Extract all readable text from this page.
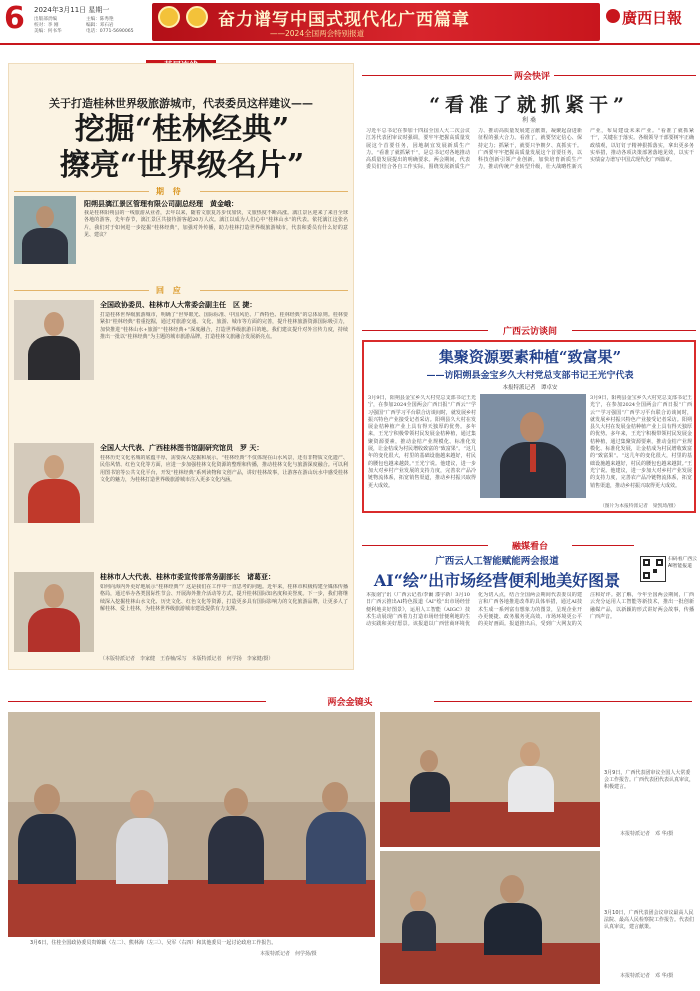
6	2024年3月11日 星期一
出版部责编
校对：李 刚
美编：何书华
主编：陈秀艳
编辑：邓石岩
电话：0771-5690065
奋力谱写中国式现代化广西篇章
——2024全国两会特别报道
廣西日報
关于打造桂林世界级旅游城市，代表委员这样建议——
挖掘“桂林经典”
擦亮“世界级名片”
期 待
阳朔县漓江景区管理有限公司副总经理　黄金峨：
我是桂林阳朔县的一线旅游从业者，去年以来，随着文旅复苏步伐加快，文旅热度不断高涨。漓江景区迎来了来自全球各地的游客，先年春节，漓江景区共接待游客超20万人次。漓江以成为人们心中“桂林山水”的代表。依托漓江这张名片，我们对于如何进一步挖掘“桂林经典”，加强对外传播，助力桂林打造世界级旅游城市，代表和委员有什么好的意见、建议？
回 应
全国政协委员、桂林市人大常委会副主任　区 捷：
打造桂林世界级旅游城市，明确了“世界眼光、国际标准、中国风范、广西特色、桂林经典”的总体原则。桂林要紧扣“桂林经典”着重挖掘，通过对旅游交通、文化、旅游、城市等方面的完善，提升桂林旅游资源国际吸引力，加快推进“桂林山水+旅游”“桂林经典+”深度融合，打造世界级旅游目的地。我们建议提升对外宣传力度，持续推出一批以“桂林经典”为主题的城市旅游品牌，打造桂林文旅融合发展新亮点。
全国人大代表、广西桂林图书馆副研究馆员　罗 天：
桂林历史文化名城的底蕴丰厚，需要深入挖掘和展示。“桂林经典”不仅体现在山水风景，还有非物质文化遗产、民俗风情、红色文化等方面，应进一步加强桂林文化资源的整理和传播，推动桂林文化与旅游深度融合。可以利用图书馆等公共文化平台，开发“桂林经典”系列读物和文创产品，讲好桂林故事，让游客在游山玩水中感受桂林文化的魅力，为桂林打造世界级旅游城市注入更多文化内涵。
桂林市人大代表、桂林市委宣传部常务副部长　诸葛亚：
如何向海内外更好地展示“桂林经典”？这是我们在工作中一直思考的问题。近年来，桂林市积极构建全媒体传播格局，通过举办各类国际性节会、开展海外推介活动等方式，提升桂林国际知名度和美誉度。下一步，我们将继续深入挖掘桂林山水文化、历史文化、红色文化等资源，打造更多具有国际影响力的文化旅游品牌，让更多人了解桂林、爱上桂林，为桂林世界级旅游城市建设提供有力支撑。
（本版特派记者　李家健　王春楠/采写　本版特派记者　何学扬　李家健/摄）
两会快评
“看准了就抓紧干”
利 桑
习近平总书记在参加十四届全国人大二次会议江苏代表团审议时强调，要牢牢把握高质量发展这个首要任务，因地制宜发展新质生产力。“看准了就抓紧干”，是总书记对各地推动高质量发展提出的明确要求。两会期间，代表委员们结合各自工作实际，围绕发展新质生产力、推动高质量发展建言献策，凝聚起奋进新征程的强大合力。看准了，就要坚定信心、保持定力；抓紧干，就要只争朝夕、真抓实干。广西要牢牢把握高质量发展这个首要任务，以科技创新引领产业创新，加快培育新质生产力，推动传统产业转型升级，壮大战略性新兴产业，布局建设未来产业。“看准了就抓紧干”，关键在于落实。各级领导干部要树牢正确政绩观，以钉钉子精神狠抓落实，拿出更多务实举措，推动各项决策部署落地见效，以实干实绩奋力谱写中国式现代化广西篇章。
广西云访谈间
集聚资源要素种植“致富果”
——访阳朔县金宝乡久大村党总支部书记王光宁代表
本报特派记者　谭卓安
3月9日，阳朔县金宝乡久大村党总支部书记王光宁，在参加2024全国两会广西日报“广西云”“学习强国”广西学习平台联合访谈间时，就发展乡村振兴特色产业接受记者采访。阳朔县久大村在发展金桔种植产业上具有得天独厚的优势。多年来，王光宁积极带领村民发展金桔种植，通过集聚资源要素，推动金桔产业规模化、标准化发展，让金桔成为村民增收致富的“致富果”。“这几年的变化很大，村里的基础设施越来越好，村民的腰包也越来越鼓。”王光宁说。他建议，进一步加大对乡村产业发展的支持力度，完善农产品冷链物流体系，拓宽销售渠道，推动乡村振兴取得更大成效。
3月9日，阳朔县金宝乡久大村党总支部书记王光宁，在参加2024全国两会广西日报“广西云”“学习强国”广西学习平台联合访谈间时，就发展乡村振兴特色产业接受记者采访。阳朔县久大村在发展金桔种植产业上具有得天独厚的优势。多年来，王光宁积极带领村民发展金桔种植，通过集聚资源要素，推动金桔产业规模化、标准化发展，让金桔成为村民增收致富的“致富果”。“这几年的变化很大，村里的基础设施越来越好，村民的腰包也越来越鼓。”王光宁说。他建议，进一步加大对乡村产业发展的支持力度，完善农产品冷链物流体系，拓宽销售渠道，推动乡村振兴取得更大成效。
（图片为本报特派记者　梁凯琦/摄）
融媒看台
广西云人工智能赋能两会报道
AI“绘”出市场经营便利地美好图景
扫码看广西云AI智能报道
本报南宁讯（广西云记者/李爾 漆宇新）3月10日广西云推出AI特色报道《AI“绘”出市场经营便利地美好图景》，运用人工智能（AIGC）技术生动展现广西着力打造市场经营便利地的生动实践和美好愿景。该报道以广西营商环境优化为切入点，结合全国两会期间代表委员的建言和广西各地推进改革的具体举措，通过AI技术生成一系列富有想象力的图景，呈现企业开办更便捷、政务服务更高效、市场环境更公平的美好画面。报道推出后，受到广大网友的关注和好评。据了解，今年全国两会期间，广西云充分运用人工智能等新技术，推出一批创新融媒产品，以新颖的形式讲好两会故事，传播广西声音。
两会金镜头
3月6日，住桂全国政协委员贵锦颖（左二）、熊林海（左三）、吴军（右四）和其他委员一起讨论政府工作报告。
本报特派记者　何学扬/摄
3月9日，广西代表团审议全国人大常委会工作报告。广西代表团代表认真审议，积极建言。
本报特派记者　邓 华/摄
3月10日，广西代表团会议审议最高人民法院、最高人民检察院工作报告。代表们认真审议，建言献策。
本报特派记者　邓 华/摄
